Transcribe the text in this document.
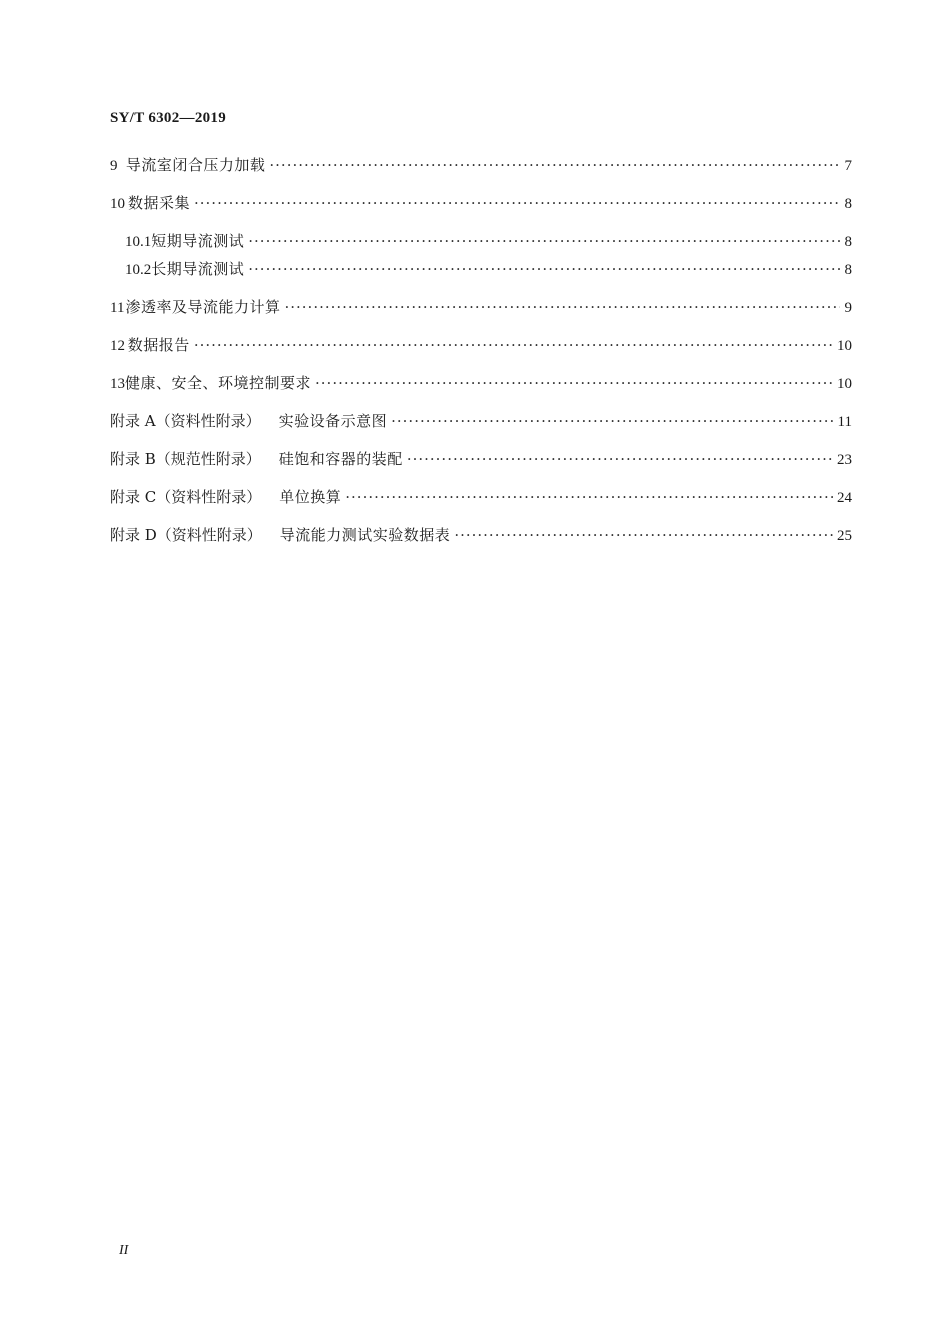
SY/T 6302—2019
9 导流室闭合压力加载 ·····	7
10 数据采集 ·····	8
10.1 短期导流测试 ·····	8
10.2 长期导流测试 ·····	8
11 渗透率及导流能力计算 ·····	9
12 数据报告 ·····	10
13 健康、安全、环境控制要求 ·····	10
附录 A（资料性附录） 实验设备示意图 ·····	11
附录 B（规范性附录） 硅饱和容器的装配 ·····	23
附录 C（资料性附录） 单位换算 ·····	24
附录 D（资料性附录） 导流能力测试实验数据表 ·····	25
II
